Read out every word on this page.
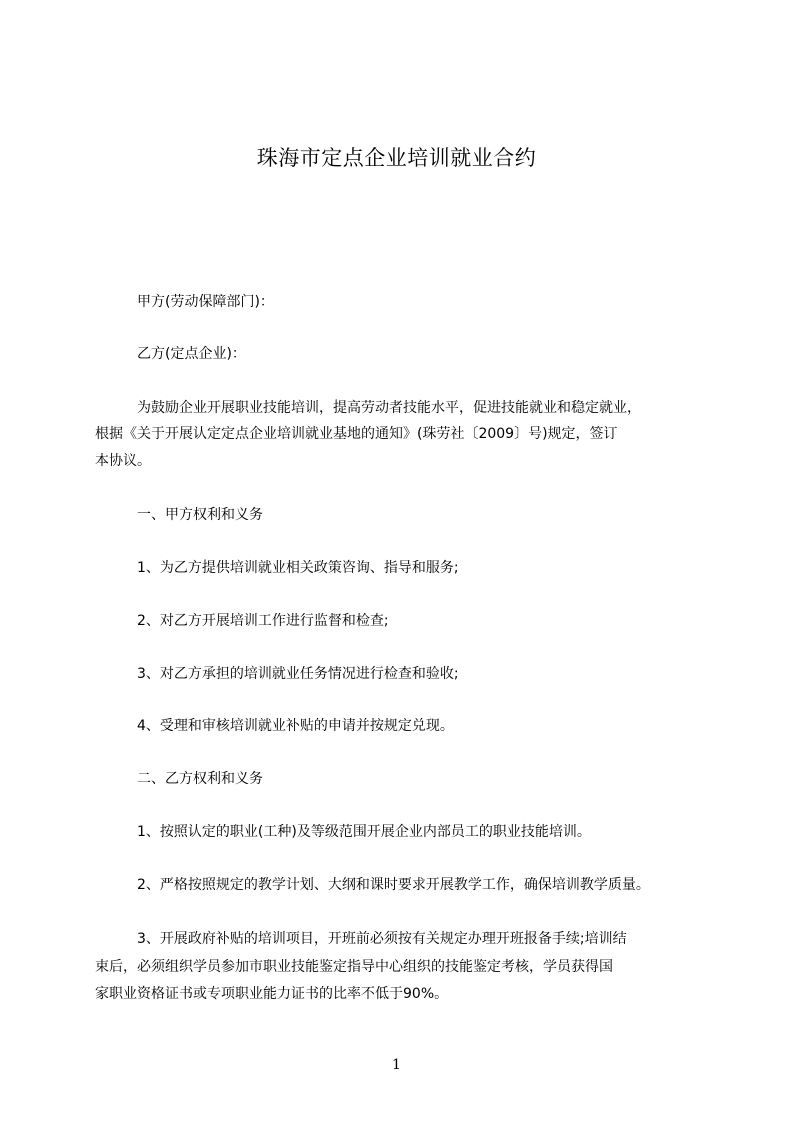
珠海市定点企业培训就业合约
甲方(劳动保障部门)：
乙方(定点企业)：
为鼓励企业开展职业技能培训，提高劳动者技能水平，促进技能就业和稳定就业，
根据《关于开展认定定点企业培训就业基地的通知》(珠劳社〔2009〕号)规定，签订
本协议。
一、甲方权利和义务
1、为乙方提供培训就业相关政策咨询、指导和服务;
2、对乙方开展培训工作进行监督和检查;
3、对乙方承担的培训就业任务情况进行检查和验收;
4、受理和审核培训就业补贴的申请并按规定兑现。
二、乙方权利和义务
1、按照认定的职业(工种)及等级范围开展企业内部员工的职业技能培训。
2、严格按照规定的教学计划、大纲和课时要求开展教学工作，确保培训教学质量。
3、开展政府补贴的培训项目，开班前必须按有关规定办理开班报备手续;培训结
束后，必须组织学员参加市职业技能鉴定指导中心组织的技能鉴定考核，学员获得国
家职业资格证书或专项职业能力证书的比率不低于90%。
1
